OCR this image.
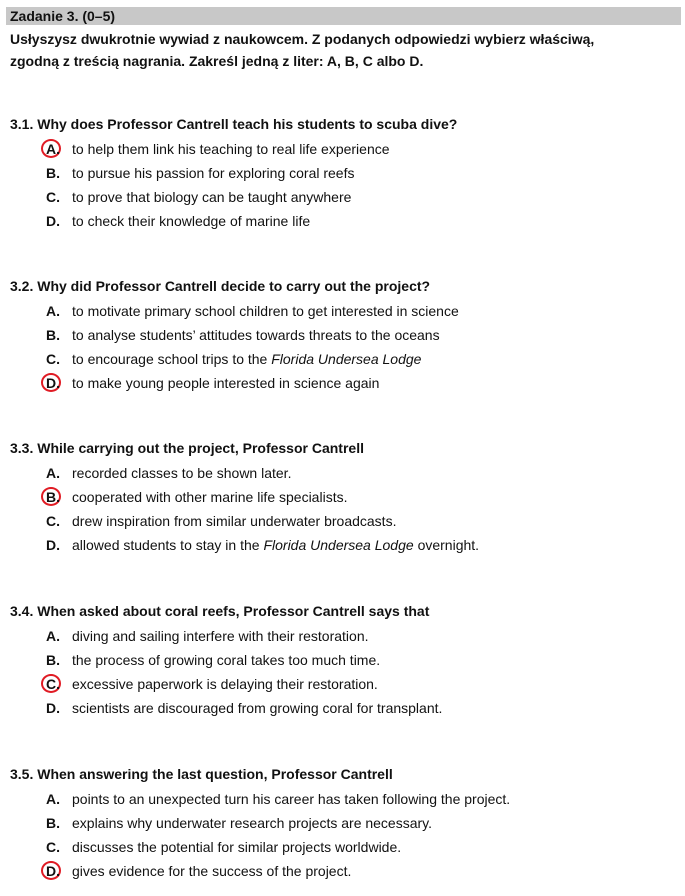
Zadanie 3. (0–5)
Usłyszysz dwukrotnie wywiad z naukowcem. Z podanych odpowiedzi wybierz właściwą,
zgodną z treścią nagrania. Zakreśl jedną z liter: A, B, C albo D.
3.1. Why does Professor Cantrell teach his students to scuba dive?
A. to help them link his teaching to real life experience
B. to pursue his passion for exploring coral reefs
C. to prove that biology can be taught anywhere
D. to check their knowledge of marine life
3.2. Why did Professor Cantrell decide to carry out the project?
A. to motivate primary school children to get interested in science
B. to analyse students’ attitudes towards threats to the oceans
C. to encourage school trips to the Florida Undersea Lodge
D. to make young people interested in science again
3.3. While carrying out the project, Professor Cantrell
A. recorded classes to be shown later.
B. cooperated with other marine life specialists.
C. drew inspiration from similar underwater broadcasts.
D. allowed students to stay in the Florida Undersea Lodge overnight.
3.4. When asked about coral reefs, Professor Cantrell says that
A. diving and sailing interfere with their restoration.
B. the process of growing coral takes too much time.
C. excessive paperwork is delaying their restoration.
D. scientists are discouraged from growing coral for transplant.
3.5. When answering the last question, Professor Cantrell
A. points to an unexpected turn his career has taken following the project.
B. explains why underwater research projects are necessary.
C. discusses the potential for similar projects worldwide.
D. gives evidence for the success of the project.
